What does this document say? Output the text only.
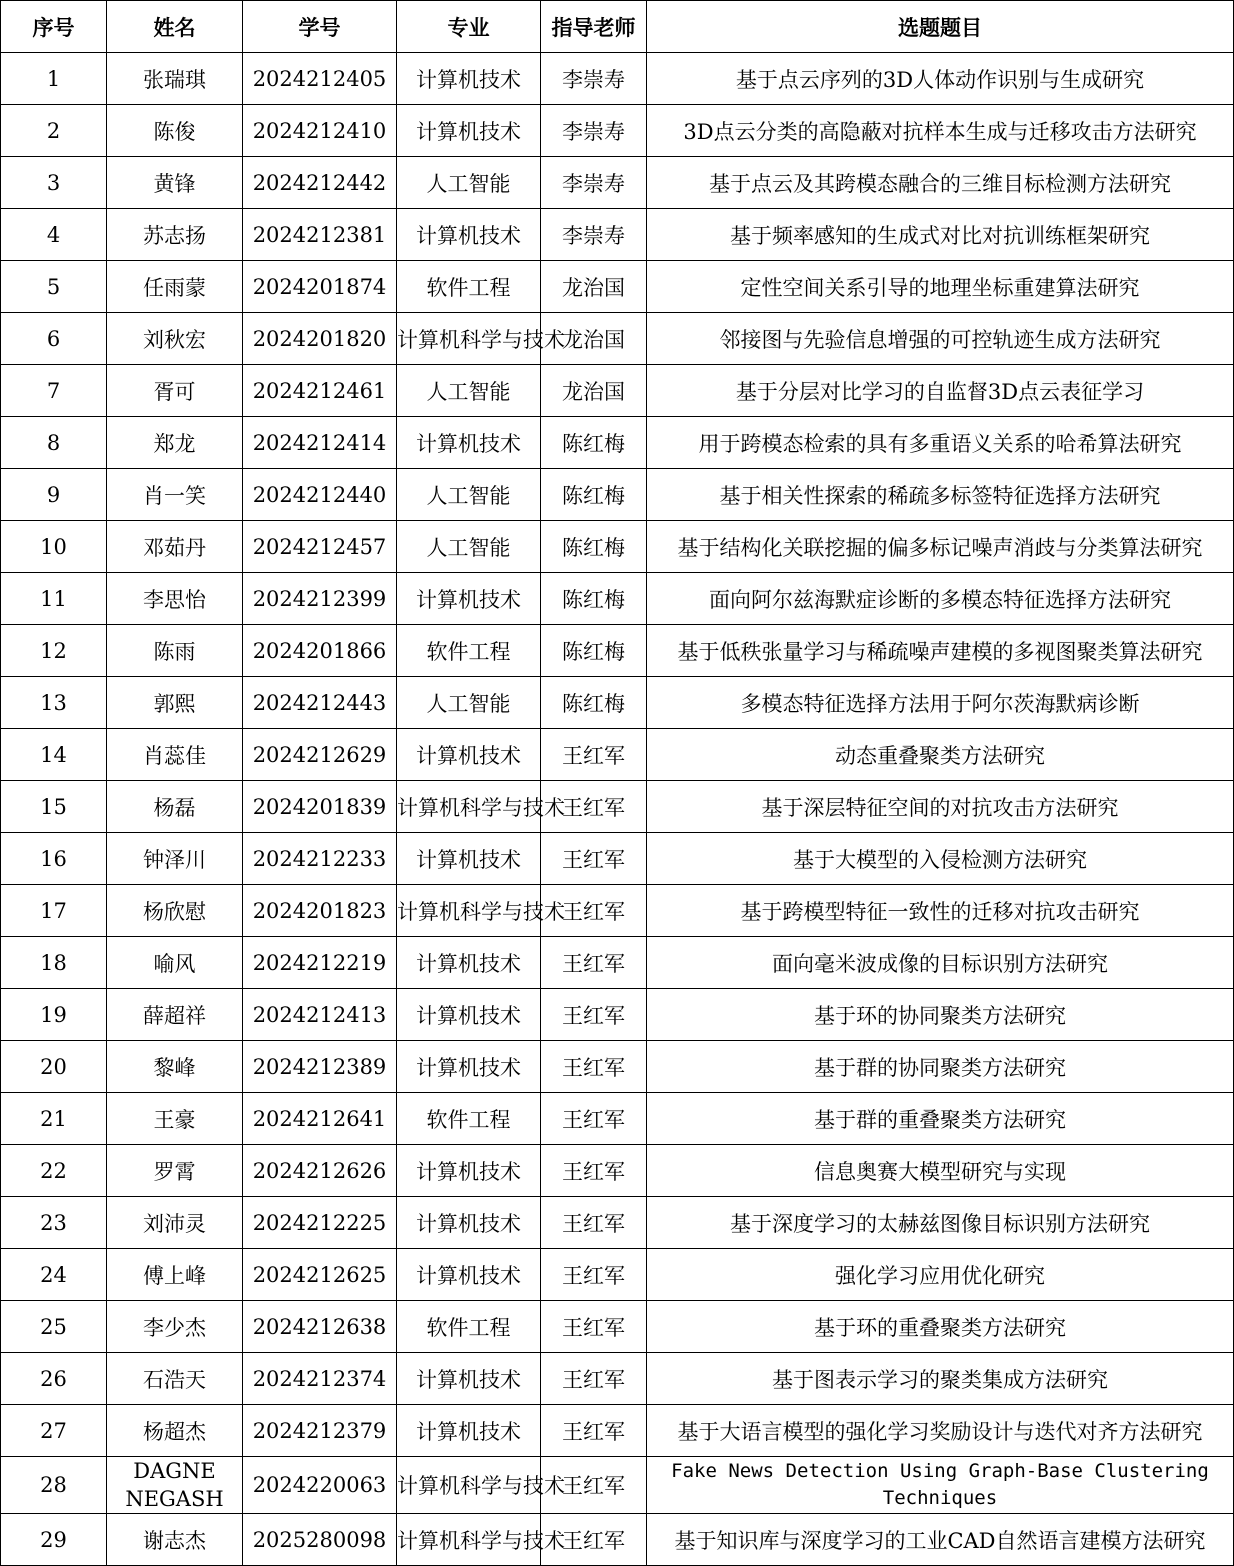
序号	姓名	学号	专业	指导老师	选题题目
1	张瑞琪	2024212405	计算机技术	李崇寿	基于点云序列的3D人体动作识别与生成研究
2	陈俊	2024212410	计算机技术	李崇寿	3D点云分类的高隐蔽对抗样本生成与迁移攻击方法研究
3	黄锋	2024212442	人工智能	李崇寿	基于点云及其跨模态融合的三维目标检测方法研究
4	苏志扬	2024212381	计算机技术	李崇寿	基于频率感知的生成式对比对抗训练框架研究
5	任雨蒙	2024201874	软件工程	龙治国	定性空间关系引导的地理坐标重建算法研究
6	刘秋宏	2024201820	计算机科学与技术	龙治国	邻接图与先验信息增强的可控轨迹生成方法研究
7	胥可	2024212461	人工智能	龙治国	基于分层对比学习的自监督3D点云表征学习
8	郑龙	2024212414	计算机技术	陈红梅	用于跨模态检索的具有多重语义关系的哈希算法研究
9	肖一笑	2024212440	人工智能	陈红梅	基于相关性探索的稀疏多标签特征选择方法研究
10	邓茹丹	2024212457	人工智能	陈红梅	基于结构化关联挖掘的偏多标记噪声消歧与分类算法研究
11	李思怡	2024212399	计算机技术	陈红梅	面向阿尔兹海默症诊断的多模态特征选择方法研究
12	陈雨	2024201866	软件工程	陈红梅	基于低秩张量学习与稀疏噪声建模的多视图聚类算法研究
13	郭熙	2024212443	人工智能	陈红梅	多模态特征选择方法用于阿尔茨海默病诊断
14	肖蕊佳	2024212629	计算机技术	王红军	动态重叠聚类方法研究
15	杨磊	2024201839	计算机科学与技术	王红军	基于深层特征空间的对抗攻击方法研究
16	钟泽川	2024212233	计算机技术	王红军	基于大模型的入侵检测方法研究
17	杨欣慰	2024201823	计算机科学与技术	王红军	基于跨模型特征一致性的迁移对抗攻击研究
18	喻风	2024212219	计算机技术	王红军	面向毫米波成像的目标识别方法研究
19	薛超祥	2024212413	计算机技术	王红军	基于环的协同聚类方法研究
20	黎峰	2024212389	计算机技术	王红军	基于群的协同聚类方法研究
21	王豪	2024212641	软件工程	王红军	基于群的重叠聚类方法研究
22	罗霄	2024212626	计算机技术	王红军	信息奥赛大模型研究与实现
23	刘沛灵	2024212225	计算机技术	王红军	基于深度学习的太赫兹图像目标识别方法研究
24	傅上峰	2024212625	计算机技术	王红军	强化学习应用优化研究
25	李少杰	2024212638	软件工程	王红军	基于环的重叠聚类方法研究
26	石浩天	2024212374	计算机技术	王红军	基于图表示学习的聚类集成方法研究
27	杨超杰	2024212379	计算机技术	王红军	基于大语言模型的强化学习奖励设计与迭代对齐方法研究
28	DAGNE NEGASH	2024220063	计算机科学与技术	王红军	Fake News Detection Using Graph-Base Clustering Techniques
29	谢志杰	2025280098	计算机科学与技术	王红军	基于知识库与深度学习的工业CAD自然语言建模方法研究
